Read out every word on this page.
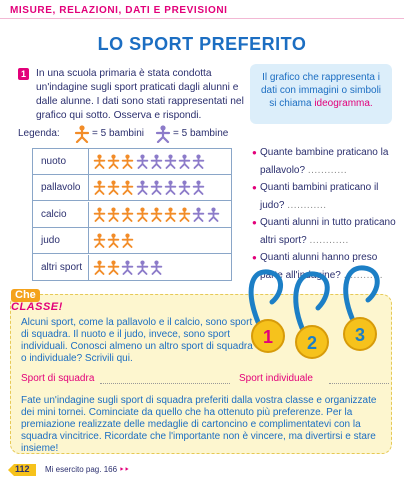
MISURE, RELAZIONI, DATI E PREVISIONI
LO SPORT PREFERITO
1 In una scuola primaria è stata condotta un'indagine sugli sport praticati dagli alunni e dalle alunne. I dati sono stati rappresentati nel grafico qui sotto. Osserva e rispondi.
Il grafico che rappresenta i dati con immagini o simboli si chiama ideogramma.
Legenda:	= 5 bambini	= 5 bambine
nuoto
pallavolo
calcio
judo
altri sport
● Quante bambine praticano la pallavolo? ............
● Quanti bambini praticano il judo? ............
● Quanti alunni in tutto praticano altri sport? ............
● Quanti alunni hanno preso parte all'indagine? ............
Che
CLASSE!
Alcuni sport, come la pallavolo e il calcio, sono sport di squadra. Il nuoto e il judo, invece, sono sport individuali. Conosci almeno un altro sport di squadra o individuale? Scrivili qui.
Sport di squadra	Sport individuale
Fate un'indagine sugli sport di squadra preferiti dalla vostra classe e organizzate dei mini tornei. Cominciate da quello che ha ottenuto più preferenze. Per la premiazione realizzate delle medaglie di cartoncino e complimentatevi con la squadra vincitrice. Ricordate che l'importante non è vincere, ma divertirsi e stare insieme!
1 2 3
112 Mi esercito pag. 166 ‣‣
